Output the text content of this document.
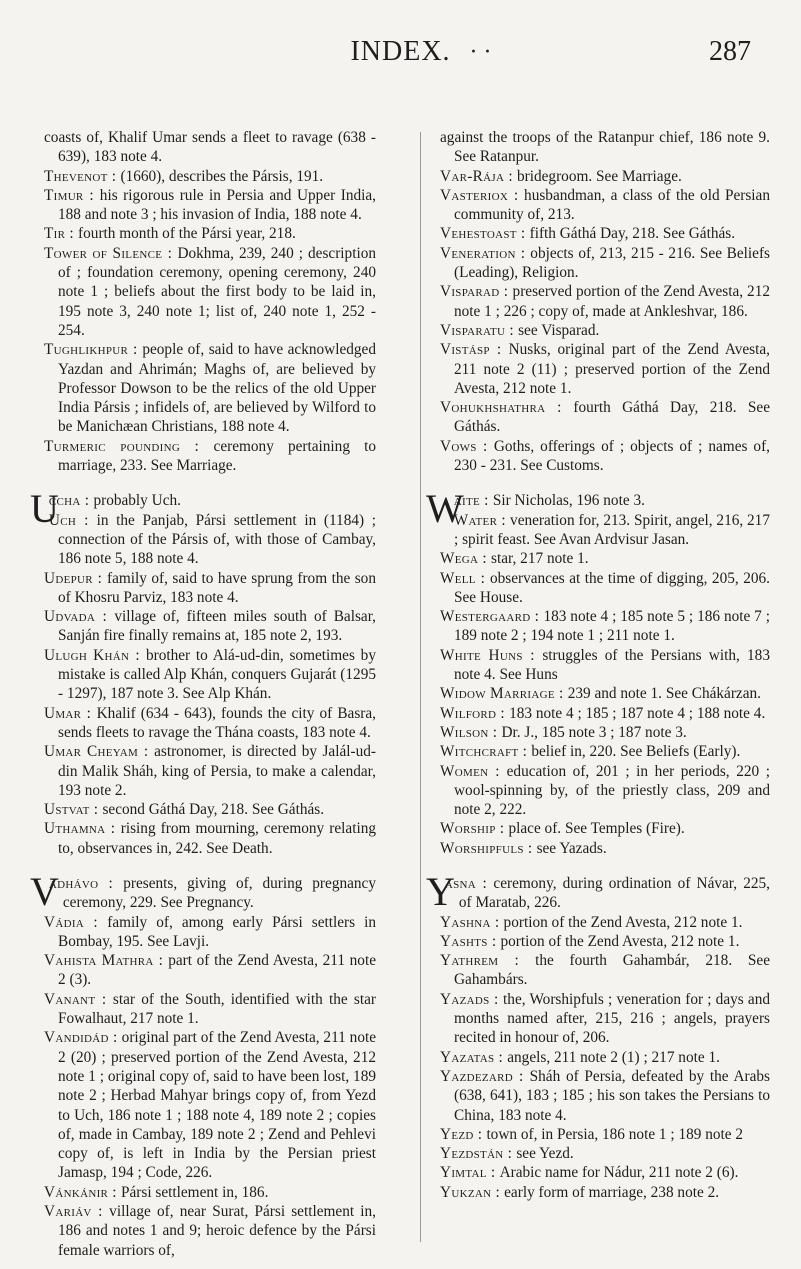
INDEX. · ·	287

coasts of, Khalif Umar sends a fleet to ravage (638 - 639), 183 note 4.

Thevenot : (1660), describes the Pársis, 191.

Timur : his rigorous rule in Persia and Upper India, 188 and note 3 ; his invasion of India, 188 note 4.

Tir : fourth month of the Pársi year, 218.

Tower of Silence : Dokhma, 239, 240 ; description of ; foundation ceremony, opening ceremony, 240 note 1 ; beliefs about the first body to be laid in, 195 note 3, 240 note 1; list of, 240 note 1, 252 - 254.

Tughlikhpur : people of, said to have acknowledged Yazdan and Ahrimán; Maghs of, are believed by Professor Dowson to be the relics of the old Upper India Pársis ; infidels of, are believed by Wilford to be Manichæan Christians, 188 note 4.

Turmeric pounding : ceremony pertaining to marriage, 233. See Marriage.

U
ccha : probably Uch.

Uch : in the Panjab, Pársi settlement in (1184) ; connection of the Pársis of, with those of Cambay, 186 note 5, 188 note 4.

Udepur : family of, said to have sprung from the son of Khosru Parviz, 183 note 4.

Udvada : village of, fifteen miles south of Balsar, Sanján fire finally remains at, 185 note 2, 193.

Ulugh Khán : brother to Alá-ud-din, sometimes by mistake is called Alp Khán, conquers Gujarát (1295 - 1297), 187 note 3. See Alp Khán.

Umar : Khalif (634 - 643), founds the city of Basra, sends fleets to ravage the Thána coasts, 183 note 4.

Umar Cheyam : astronomer, is directed by Jalál-ud-din Malik Sháh, king of Persia, to make a calendar, 193 note 2.

Ustvat : second Gáthá Day, 218. See Gáthás.

Uthamna : rising from mourning, ceremony relating to, observances in, 242. See Death.

V
adhávo : presents, giving of, during pregnancy ceremony, 229. See Pregnancy.

Vádia : family of, among early Pársi settlers in Bombay, 195. See Lavji.

Vahista Mathra : part of the Zend Avesta, 211 note 2 (3).

Vanant : star of the South, identified with the star Fowalhaut, 217 note 1.

Vandidád : original part of the Zend Avesta, 211 note 2 (20) ; preserved portion of the Zend Avesta, 212 note 1 ; original copy of, said to have been lost, 189 note 2 ; Herbad Mahyar brings copy of, from Yezd to Uch, 186 note 1 ; 188 note 4, 189 note 2 ; copies of, made in Cambay, 189 note 2 ; Zend and Pehlevi copy of, is left in India by the Persian priest Jamasp, 194 ; Code, 226.

Vánkánir : Pársi settlement in, 186.

Variáv : village of, near Surat, Pársi settlement in, 186 and notes 1 and 9; heroic defence by the Pársi female warriors of,

against the troops of the Ratanpur chief, 186 note 9. See Ratanpur.

Var-Rája : bridegroom. See Marriage.

Vasteriox : husbandman, a class of the old Persian community of, 213.

Vehestoast : fifth Gáthá Day, 218. See Gáthás.

Veneration : objects of, 213, 215 - 216. See Beliefs (Leading), Religion.

Visparad : preserved portion of the Zend Avesta, 212 note 1 ; 226 ; copy of, made at Ankleshvar, 186.

Visparatu : see Visparad.

Vistásp : Nusks, original part of the Zend Avesta, 211 note 2 (11) ; preserved portion of the Zend Avesta, 212 note 1.

Vohukhshathra : fourth Gáthá Day, 218. See Gáthás.

Vows : Goths, offerings of ; objects of ; names of, 230 - 231. See Customs.

W
aite : Sir Nicholas, 196 note 3.

Water : veneration for, 213. Spirit, angel, 216, 217 ; spirit feast. See Avan Ardvisur Jasan.

Wega : star, 217 note 1.

Well : observances at the time of digging, 205, 206. See House.

Westergaard : 183 note 4 ; 185 note 5 ; 186 note 7 ; 189 note 2 ; 194 note 1 ; 211 note 1.

White Huns : struggles of the Persians with, 183 note 4. See Huns

Widow Marriage : 239 and note 1. See Chákárzan.

Wilford : 183 note 4 ; 185 ; 187 note 4 ; 188 note 4.

Wilson : Dr. J., 185 note 3 ; 187 note 3.

Witchcraft : belief in, 220. See Beliefs (Early).

Women : education of, 201 ; in her periods, 220 ; wool-spinning by, of the priestly class, 209 and note 2, 222.

Worship : place of. See Temples (Fire).

Worshipfuls : see Yazads.

Y
asna : ceremony, during ordination of Návar, 225, of Maratab, 226.

Yashna : portion of the Zend Avesta, 212 note 1.

Yashts : portion of the Zend Avesta, 212 note 1.

Yathrem : the fourth Gahambár, 218. See Gahambárs.

Yazads : the, Worshipfuls ; veneration for ; days and months named after, 215, 216 ; angels, prayers recited in honour of, 206.

Yazatas : angels, 211 note 2 (1) ; 217 note 1.

Yazdezard : Sháh of Persia, defeated by the Arabs (638, 641), 183 ; 185 ; his son takes the Persians to China, 183 note 4.

Yezd : town of, in Persia, 186 note 1 ; 189 note 2

Yezdstán : see Yezd.

Yimtal : Arabic name for Nádur, 211 note 2 (6).

Yukzan : early form of marriage, 238 note 2.
